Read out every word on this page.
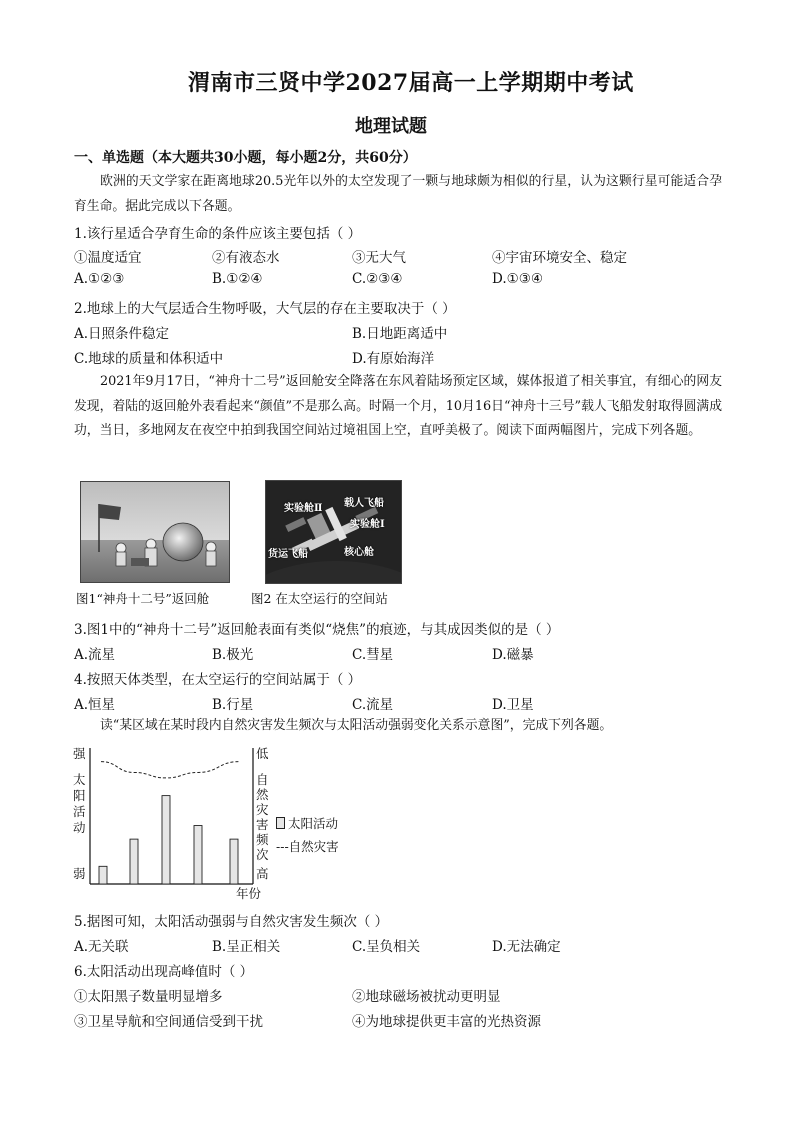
渭南市三贤中学2027届高一上学期期中考试
地理试题
一、单选题（本大题共30小题，每小题2分，共60分）
欧洲的天文学家在距离地球20.5光年以外的太空发现了一颗与地球颇为相似的行星，认为这颗行星可能适合孕育生命。据此完成以下各题。
1.该行星适合孕育生命的条件应该主要包括（ ）
①温度适宜	②有液态水	③无大气	④宇宙环境安全、稳定
A.①②③	B.①②④	C.②③④	D.①③④
2.地球上的大气层适合生物呼吸，大气层的存在主要取决于（ ）
A.日照条件稳定	B.日地距离适中
C.地球的质量和体积适中	D.有原始海洋
2021年9月17日，“神舟十二号”返回舱安全降落在东风着陆场预定区域，媒体报道了相关事宜，有细心的网友发现，着陆的返回舱外表看起来“颜值”不是那么高。时隔一个月，10月16日“神舟十三号”载人飞船发射取得圆满成功，当日，多地网友在夜空中拍到我国空间站过境祖国上空，直呼美极了。阅读下面两幅图片，完成下列各题。
实验舱Ⅱ 载人飞船
实验舱Ⅰ
货运飞船	核心舱
图1“神舟十二号”返回舱	图2 在太空运行的空间站
3.图1中的“神舟十二号”返回舱表面有类似“烧焦”的痕迹，与其成因类似的是（ ）
A.流星	B.极光	C.彗星	D.磁暴
4.按照天体类型，在太空运行的空间站属于（ ）
A.恒星	B.行星	C.流星	D.卫星
读“某区域在某时段内自然灾害发生频次与太阳活动强弱变化关系示意图”，完成下列各题。
强
太阳活动
弱
低
自然灾害频次
高
年份
太阳活动
---自然灾害
5.据图可知，太阳活动强弱与自然灾害发生频次（ ）
A.无关联	B.呈正相关	C.呈负相关	D.无法确定
6.太阳活动出现高峰值时（ ）
①太阳黑子数量明显增多	②地球磁场被扰动更明显
③卫星导航和空间通信受到干扰	④为地球提供更丰富的光热资源
